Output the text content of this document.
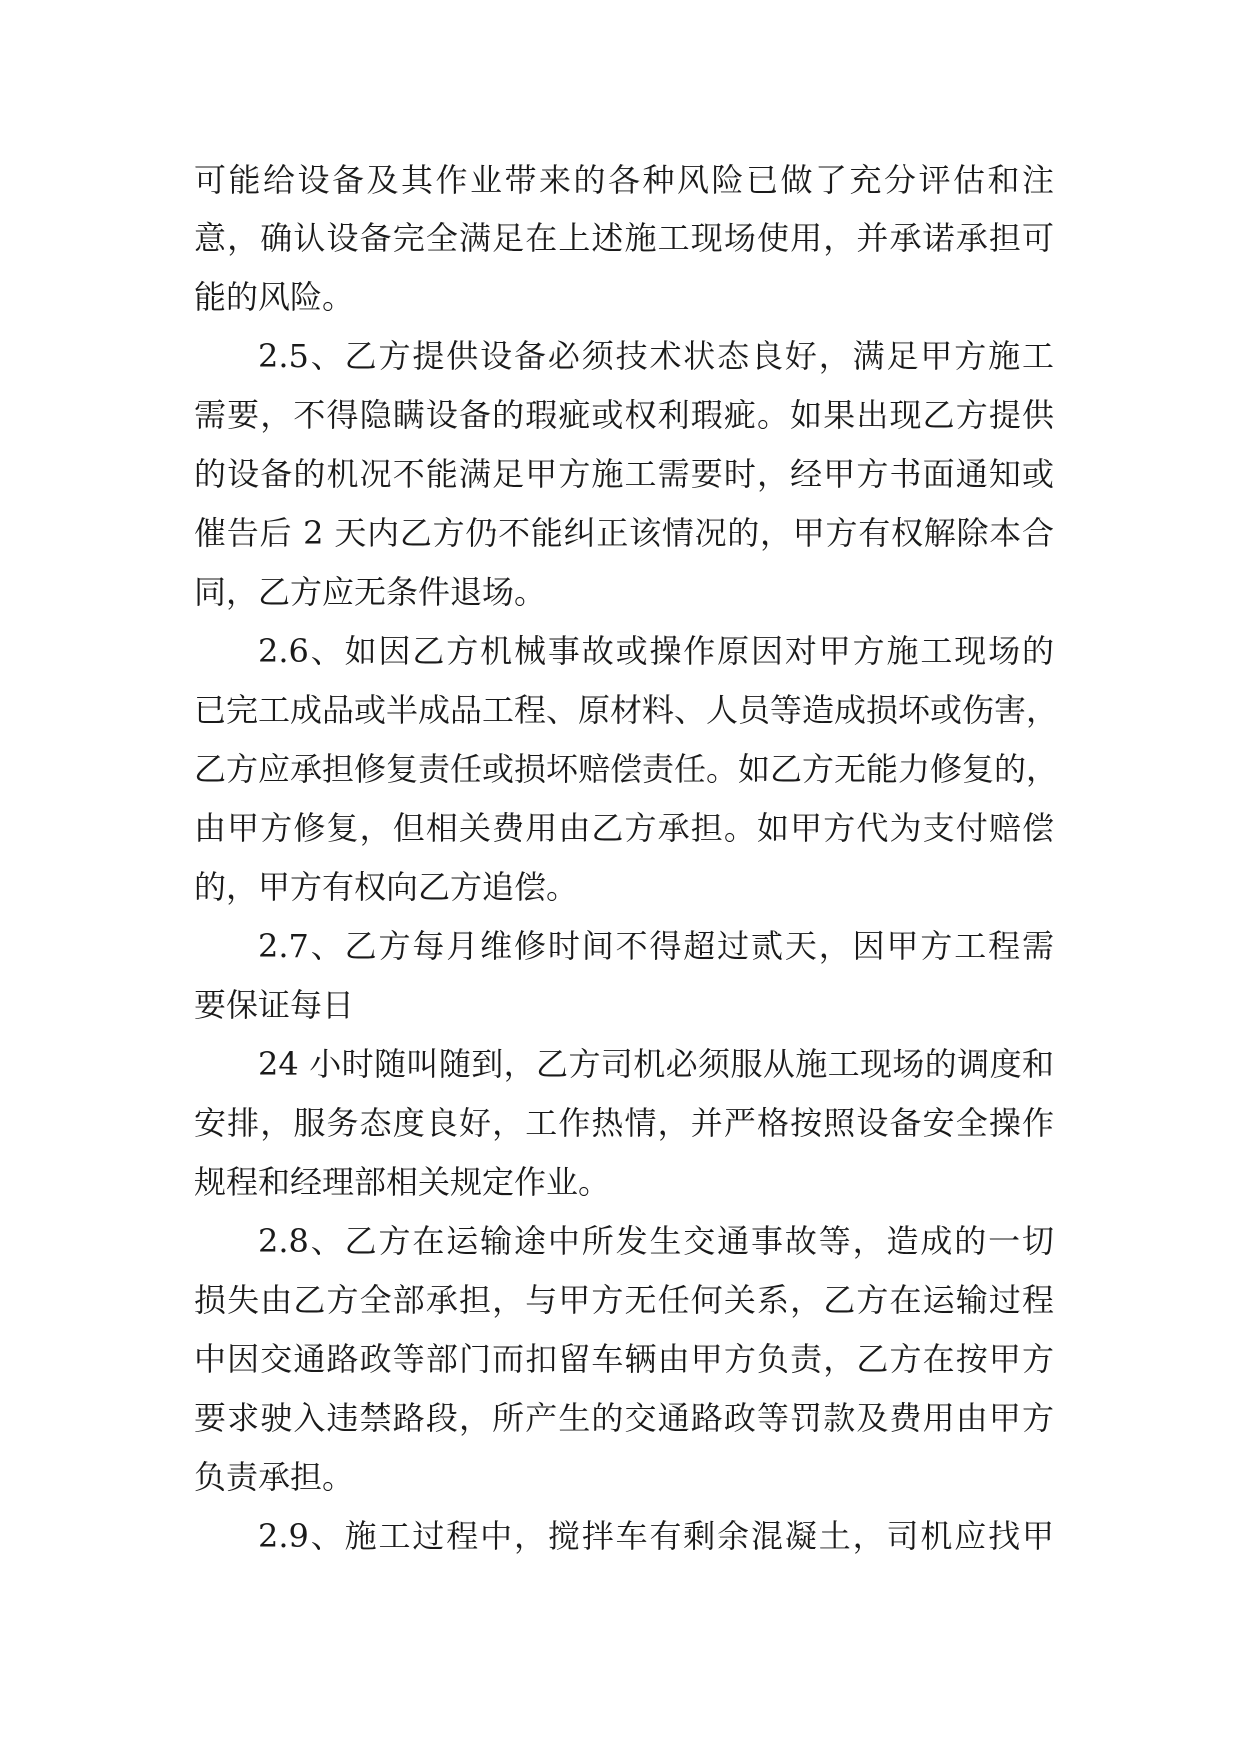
可能给设备及其作业带来的各种风险已做了充分评估和注
意，确认设备完全满足在上述施工现场使用，并承诺承担可
能的风险。
2.5、乙方提供设备必须技术状态良好，满足甲方施工
需要，不得隐瞒设备的瑕疵或权利瑕疵。如果出现乙方提供
的设备的机况不能满足甲方施工需要时，经甲方书面通知或
催告后 2 天内乙方仍不能纠正该情况的，甲方有权解除本合
同，乙方应无条件退场。
2.6、如因乙方机械事故或操作原因对甲方施工现场的
已完工成品或半成品工程、原材料、人员等造成损坏或伤害，
乙方应承担修复责任或损坏赔偿责任。如乙方无能力修复的，
由甲方修复，但相关费用由乙方承担。如甲方代为支付赔偿
的，甲方有权向乙方追偿。
2.7、乙方每月维修时间不得超过贰天，因甲方工程需
要保证每日
24 小时随叫随到，乙方司机必须服从施工现场的调度和
安排，服务态度良好，工作热情，并严格按照设备安全操作
规程和经理部相关规定作业。
2.8、乙方在运输途中所发生交通事故等，造成的一切
损失由乙方全部承担，与甲方无任何关系，乙方在运输过程
中因交通路政等部门而扣留车辆由甲方负责，乙方在按甲方
要求驶入违禁路段，所产生的交通路政等罚款及费用由甲方
负责承担。
2.9、施工过程中，搅拌车有剩余混凝土，司机应找甲
